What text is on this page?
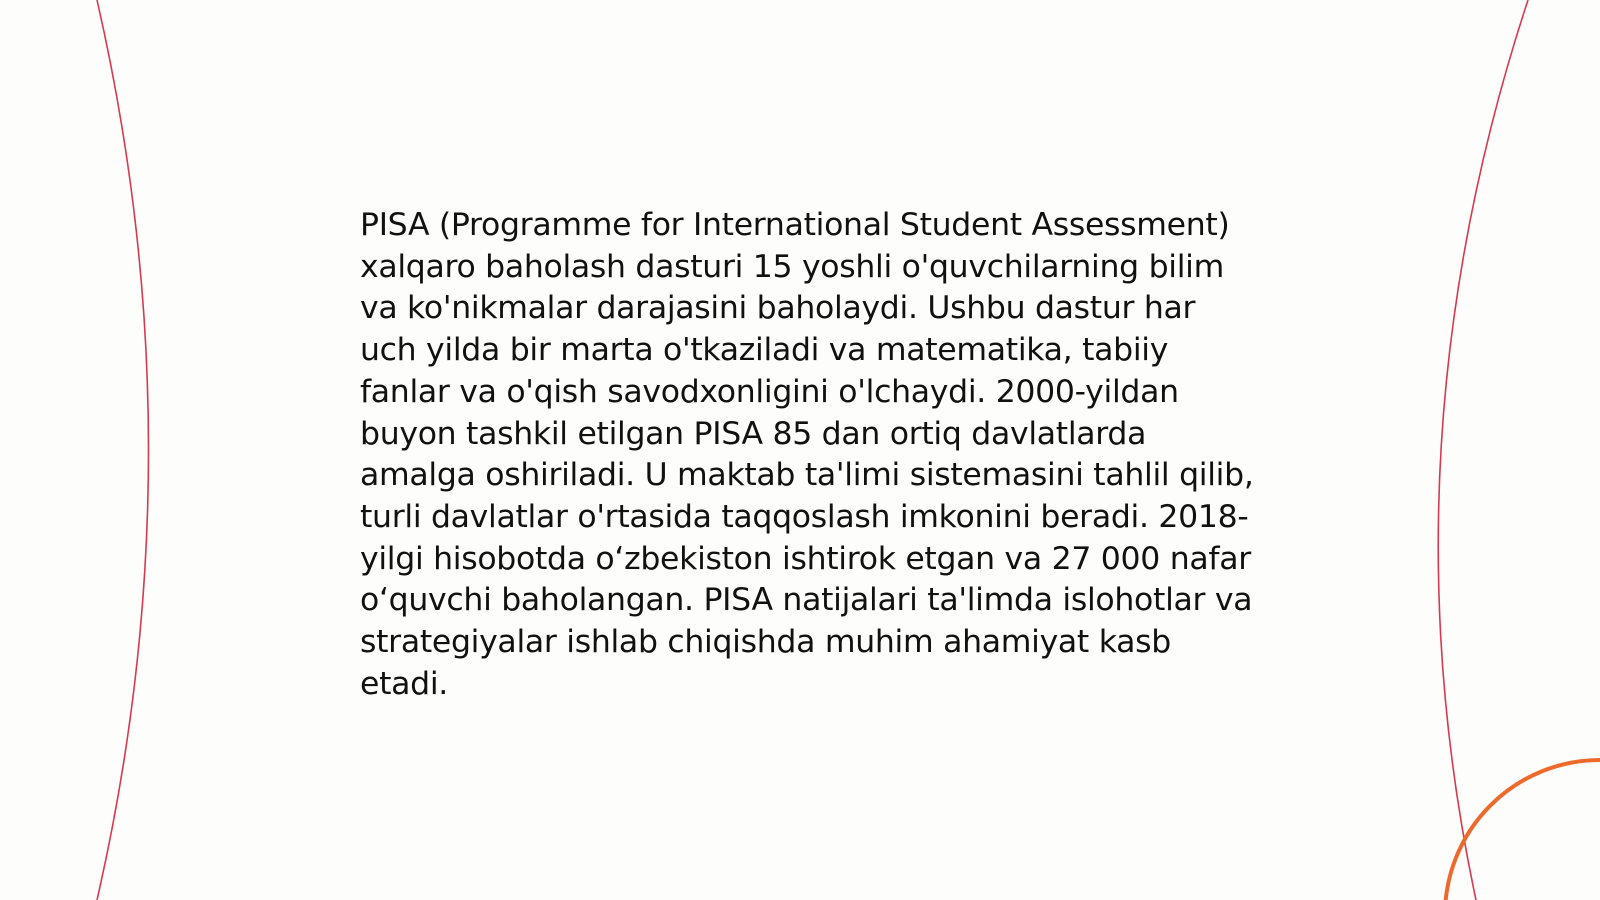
PISA (Programme for International Student Assessment) xalqaro baholash dasturi 15 yoshli o'quvchilarning bilim va ko'nikmalar darajasini baholaydi. Ushbu dastur har uch yilda bir marta o'tkaziladi va matematika, tabiiy fanlar va o'qish savodxonligini o'lchaydi. 2000-yildan buyon tashkil etilgan PISA 85 dan ortiq davlatlarda amalga oshiriladi. U maktab ta'limi sistemasini tahlil qilib, turli davlatlar o'rtasida taqqoslash imkonini beradi. 2018-yilgi hisobotda oʻzbekiston ishtirok etgan va 27 000 nafar oʻquvchi baholangan. PISA natijalari ta'limda islohotlar va strategiyalar ishlab chiqishda muhim ahamiyat kasb etadi.
